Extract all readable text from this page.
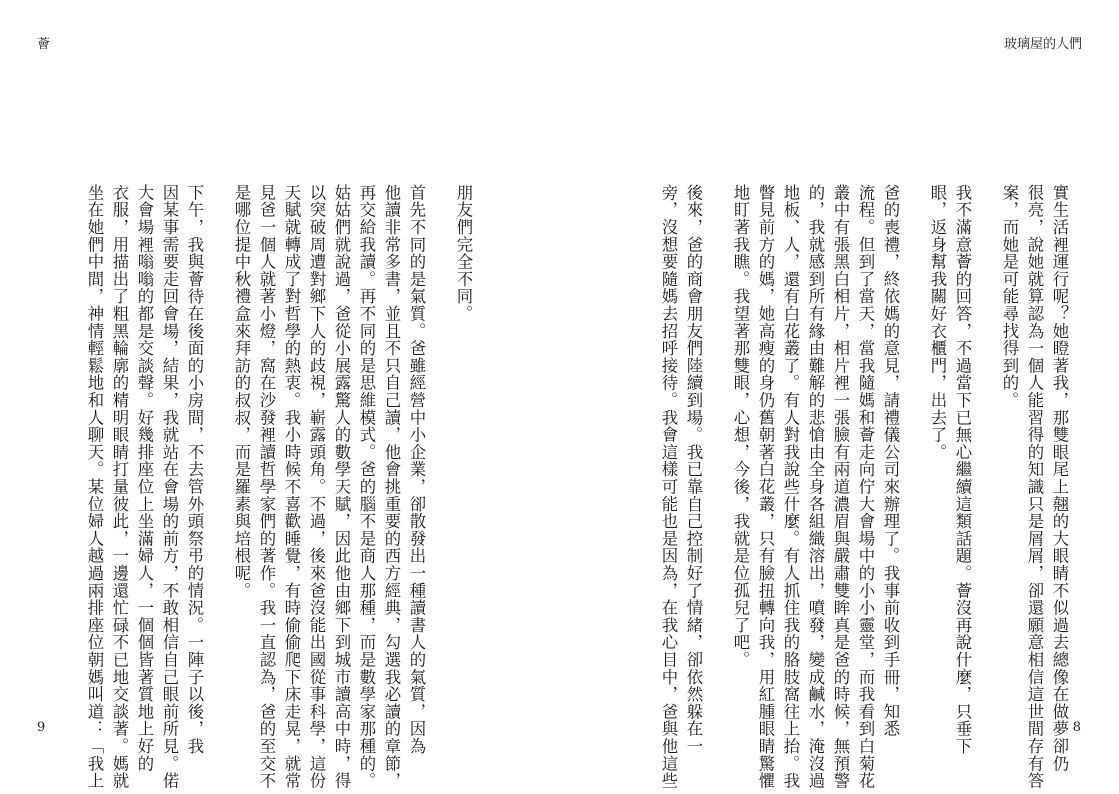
薈	玻璃屋的人們
實生活裡運行呢？她瞪著我，那雙眼尾上翹的大眼睛不似過去總像在做夢卻仍
很亮，說她就算認為一個人能習得的知識只是屑屑，卻還願意相信這世間存有答
案，而她是可能尋找得到的。
我不滿意薈的回答，不過當下已無心繼續這類話題。薈沒再說什麼，只垂下
眼，返身幫我關好衣櫃門，出去了。
爸的喪禮，終依媽的意見，請禮儀公司來辦理了。我事前收到手冊，知悉
流程。但到了當天，當我隨媽和薈走向佇大會場中的小小靈堂，而我看到白菊花
叢中有張黑白相片，相片裡一張臉有兩道濃眉與嚴肅雙眸真是爸的時候，無預警
的，我就感到所有緣由難解的悲愴由全身各組織溶出，噴發，變成鹹水，淹沒過
地板、人，還有白花叢了。有人對我說些什麼。有人抓住我的胳肢窩往上抬。我
瞥見前方的媽，她高瘦的身仍舊朝著白花叢，只有臉扭轉向我，用紅腫眼睛驚懼
地盯著我瞧。我望著那雙眼，心想，今後，我就是位孤兒了吧。
後來，爸的商會朋友們陸續到場。我已靠自己控制好了情緒，卻依然躲在一
旁，沒想要隨媽去招呼接待。我會這樣可能也是因為，在我心目中，爸與他這些
朋友們完全不同。
首先不同的是氣質。爸雖經營中小企業，卻散發出一種讀書人的氣質，因為
他讀非常多書，並且不只自己讀，他會挑重要的西方經典，勾選我必讀的章節，
再交給我讀。再不同的是思維模式。爸的腦不是商人那種，而是數學家那種的。
姑姑們就說過，爸從小展露驚人的數學天賦，因此他由鄉下到城市讀高中時，得
以突破周遭對鄉下人的歧視，嶄露頭角。不過，後來爸沒能出國從事科學，這份
天賦就轉成了對哲學的熱衷。我小時候不喜歡睡覺，有時偷偷爬下床走晃，就常
見爸一個人就著小燈，窩在沙發裡讀哲學家們的著作。我一直認為，爸的至交不
是哪位提中秋禮盒來拜訪的叔叔，而是羅素與培根呢。
下午，我與薈待在後面的小房間，不去管外頭祭弔的情況。一陣子以後，我
因某事需要走回會場，結果，我就站在會場的前方，不敢相信自己眼前所見。偌
大會場裡嗡嗡的都是交談聲。好幾排座位上坐滿婦人，一個個皆著質地上好的
衣服，用描出了粗黑輪廓的精明眼睛打量彼此，一邊還忙碌不已地交談著。媽就
坐在她們中間，神情輕鬆地和人聊天。某位婦人越過兩排座位朝媽叫道：「我上
9	8
